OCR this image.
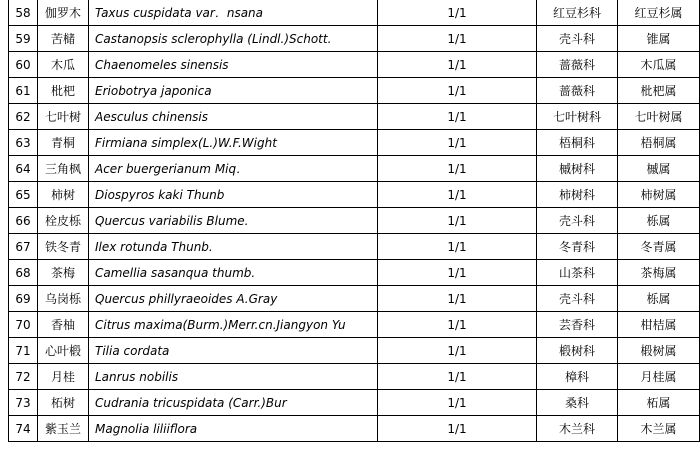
58	伽罗木	Taxus cuspidata var．nsana	1/1	红豆杉科	红豆杉属
59	苦槠	Castanopsis sclerophylla (Lindl.)Schott.	1/1	壳斗科	锥属
60	木瓜	Chaenomeles sinensis	1/1	蔷薇科	木瓜属
61	枇杷	Eriobotrya japonica	1/1	蔷薇科	枇杷属
62	七叶树	Aesculus chinensis	1/1	七叶树科	七叶树属
63	青桐	Firmiana simplex(L.)W.F.Wight	1/1	梧桐科	梧桐属
64	三角枫	Acer buergerianum Miq．	1/1	槭树科	槭属
65	柿树	Diospyros kaki Thunb	1/1	柿树科	柿树属
66	栓皮栎	Quercus variabilis Blume.	1/1	壳斗科	栎属
67	铁冬青	Ilex rotunda Thunb.	1/1	冬青科	冬青属
68	茶梅	Camellia sasanqua thumb.	1/1	山茶科	茶梅属
69	乌岗栎	Quercus phillyraeoides A.Gray	1/1	壳斗科	栎属
70	香柚	Citrus maxima(Burm.)Merr.cn.Jiangyon Yu	1/1	芸香科	柑桔属
71	心叶椴	Tilia cordata	1/1	椴树科	椴树属
72	月桂	Lanrus nobilis	1/1	樟科	月桂属
73	柘树	Cudrania tricuspidata (Carr.)Bur	1/1	桑科	柘属
74	紫玉兰	Magnolia liliiflora	1/1	木兰科	木兰属
